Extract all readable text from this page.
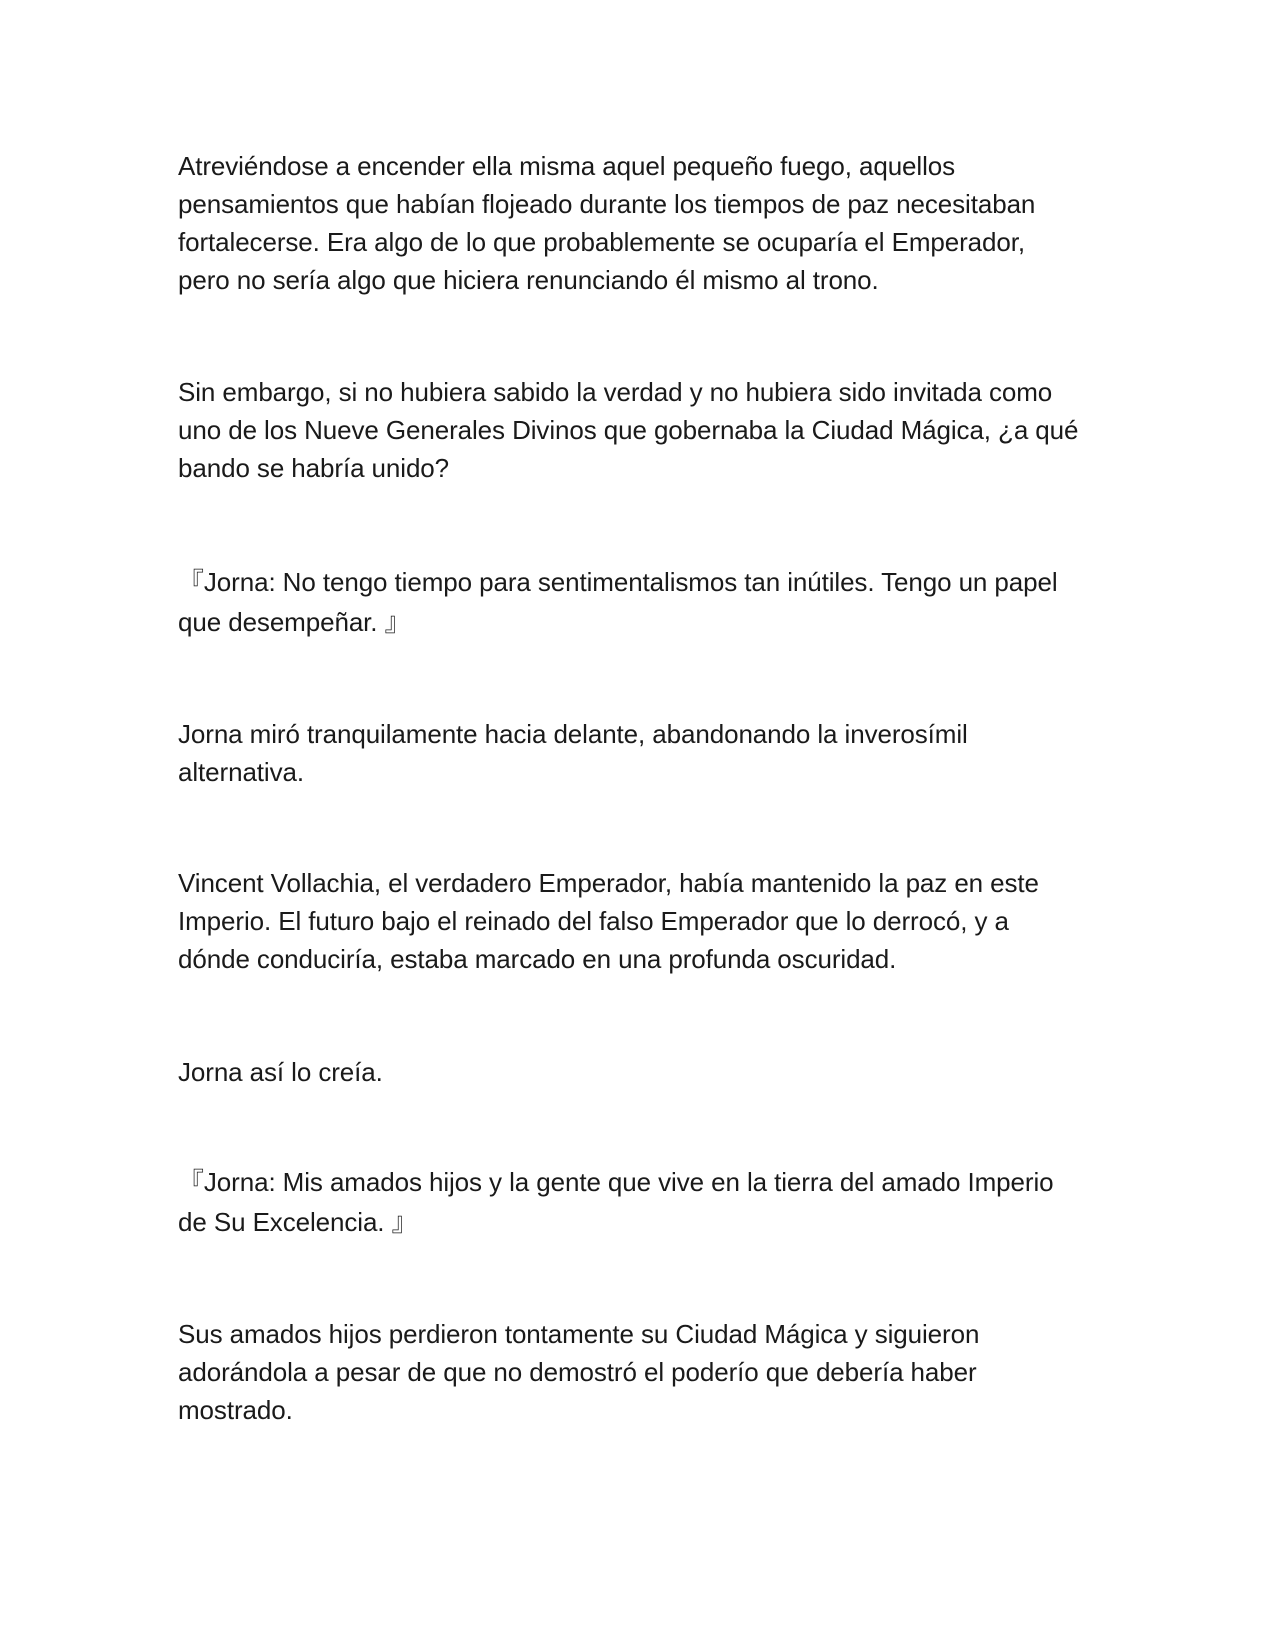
Atreviéndose a encender ella misma aquel pequeño fuego, aquellos
pensamientos que habían flojeado durante los tiempos de paz necesitaban
fortalecerse. Era algo de lo que probablemente se ocuparía el Emperador,
pero no sería algo que hiciera renunciando él mismo al trono.

Sin embargo, si no hubiera sabido la verdad y no hubiera sido invitada como
uno de los Nueve Generales Divinos que gobernaba la Ciudad Mágica, ¿a qué
bando se habría unido?

『Jorna: No tengo tiempo para sentimentalismos tan inútiles. Tengo un papel
que desempeñar. 』

Jorna miró tranquilamente hacia delante, abandonando la inverosímil
alternativa.

Vincent Vollachia, el verdadero Emperador, había mantenido la paz en este
Imperio. El futuro bajo el reinado del falso Emperador que lo derrocó, y a
dónde conduciría, estaba marcado en una profunda oscuridad.

Jorna así lo creía.

『Jorna: Mis amados hijos y la gente que vive en la tierra del amado Imperio
de Su Excelencia. 』

Sus amados hijos perdieron tontamente su Ciudad Mágica y siguieron
adorándola a pesar de que no demostró el poderío que debería haber
mostrado.
